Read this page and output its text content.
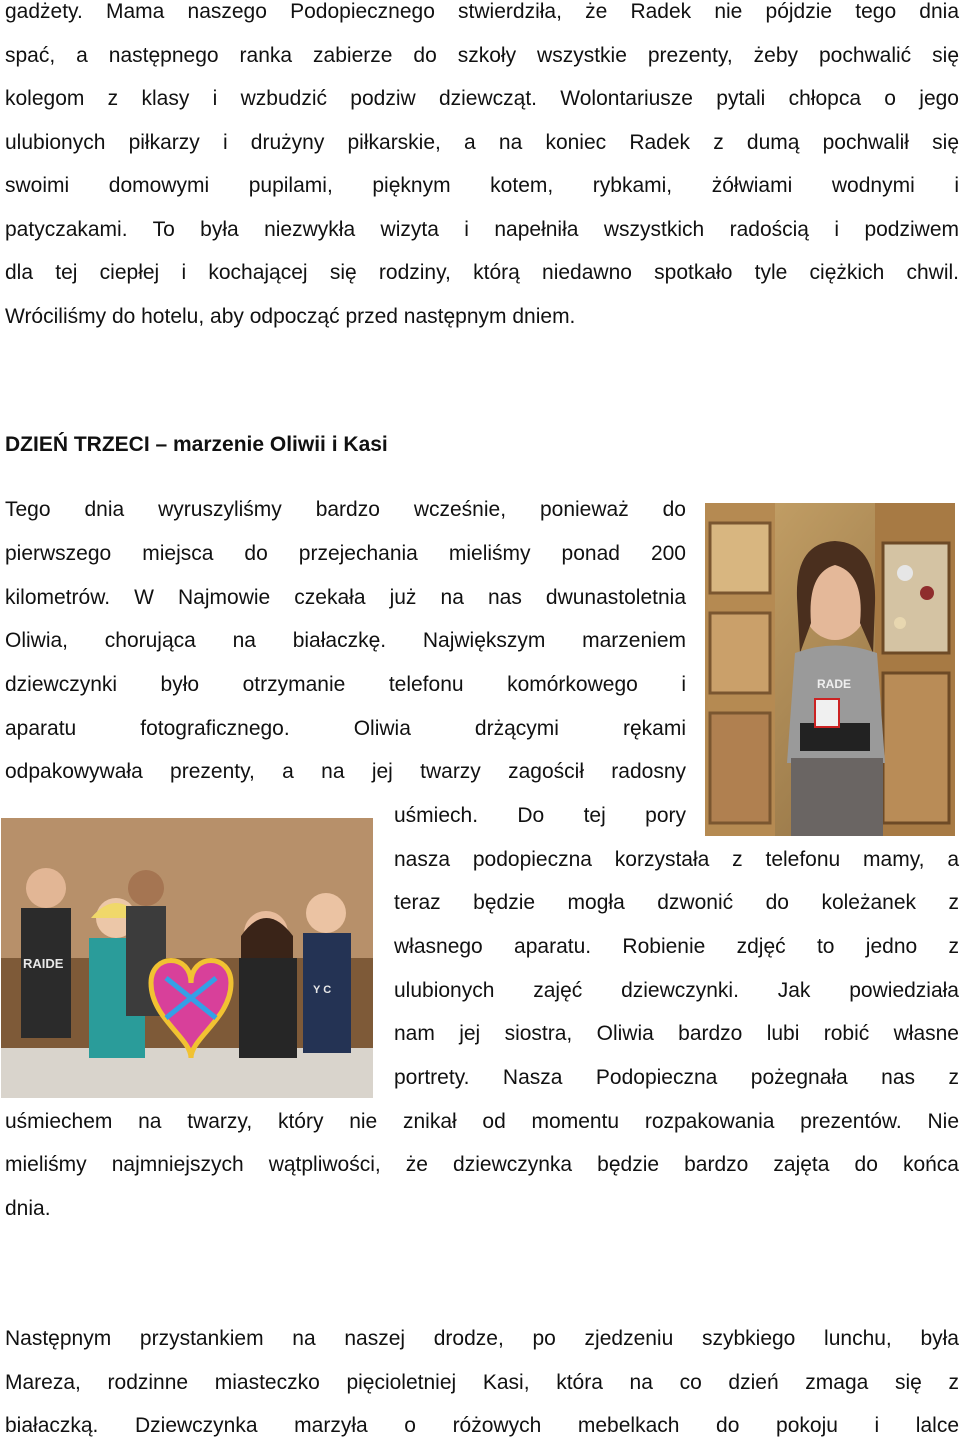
gadżety. Mama naszego Podopiecznego stwierdziła, że Radek nie pójdzie tego dnia
spać, a następnego ranka zabierze do szkoły wszystkie prezenty, żeby pochwalić się
kolegom z klasy i wzbudzić podziw dziewcząt. Wolontariusze pytali chłopca o jego
ulubionych piłkarzy i drużyny piłkarskie, a na koniec Radek z dumą pochwalił się
swoimi domowymi pupilami, pięknym kotem, rybkami, żółwiami wodnymi i
patyczakami. To była niezwykła wizyta i napełniła wszystkich radością i podziwem
dla tej ciepłej i kochającej się rodziny, którą niedawno spotkało tyle ciężkich chwil.
Wróciliśmy do hotelu, aby odpocząć przed następnym dniem.
DZIEŃ TRZECI – marzenie Oliwii i Kasi
Tego dnia wyruszyliśmy bardzo wcześnie, ponieważ do
pierwszego miejsca do przejechania mieliśmy ponad 200
kilometrów. W Najmowie czekała już na nas dwunastoletnia
Oliwia, chorująca na białaczkę. Największym marzeniem
dziewczynki było otrzymanie telefonu komórkowego i
aparatu fotograficznego. Oliwia drżącymi rękami
odpakowywała prezenty, a na jej twarzy zagościł radosny
uśmiech. Do tej pory
nasza podopieczna korzystała z telefonu mamy, a
teraz będzie mogła dzwonić do koleżanek z
własnego aparatu. Robienie zdjęć to jedno z
ulubionych zajęć dziewczynki. Jak powiedziała
nam jej siostra, Oliwia bardzo lubi robić własne
portrety. Nasza Podopieczna pożegnała nas z
uśmiechem na twarzy, który nie znikał od momentu rozpakowania prezentów. Nie
mieliśmy najmniejszych wątpliwości, że dziewczynka będzie bardzo zajęta do końca
dnia.
Następnym przystankiem na naszej drodze, po zjedzeniu szybkiego lunchu, była
Mareza, rodzinne miasteczko pięcioletniej Kasi, która na co dzień zmaga się z
białaczką. Dziewczynka marzyła o różowych mebelkach do pokoju i lalce
RADE
RAIDE
Y C
